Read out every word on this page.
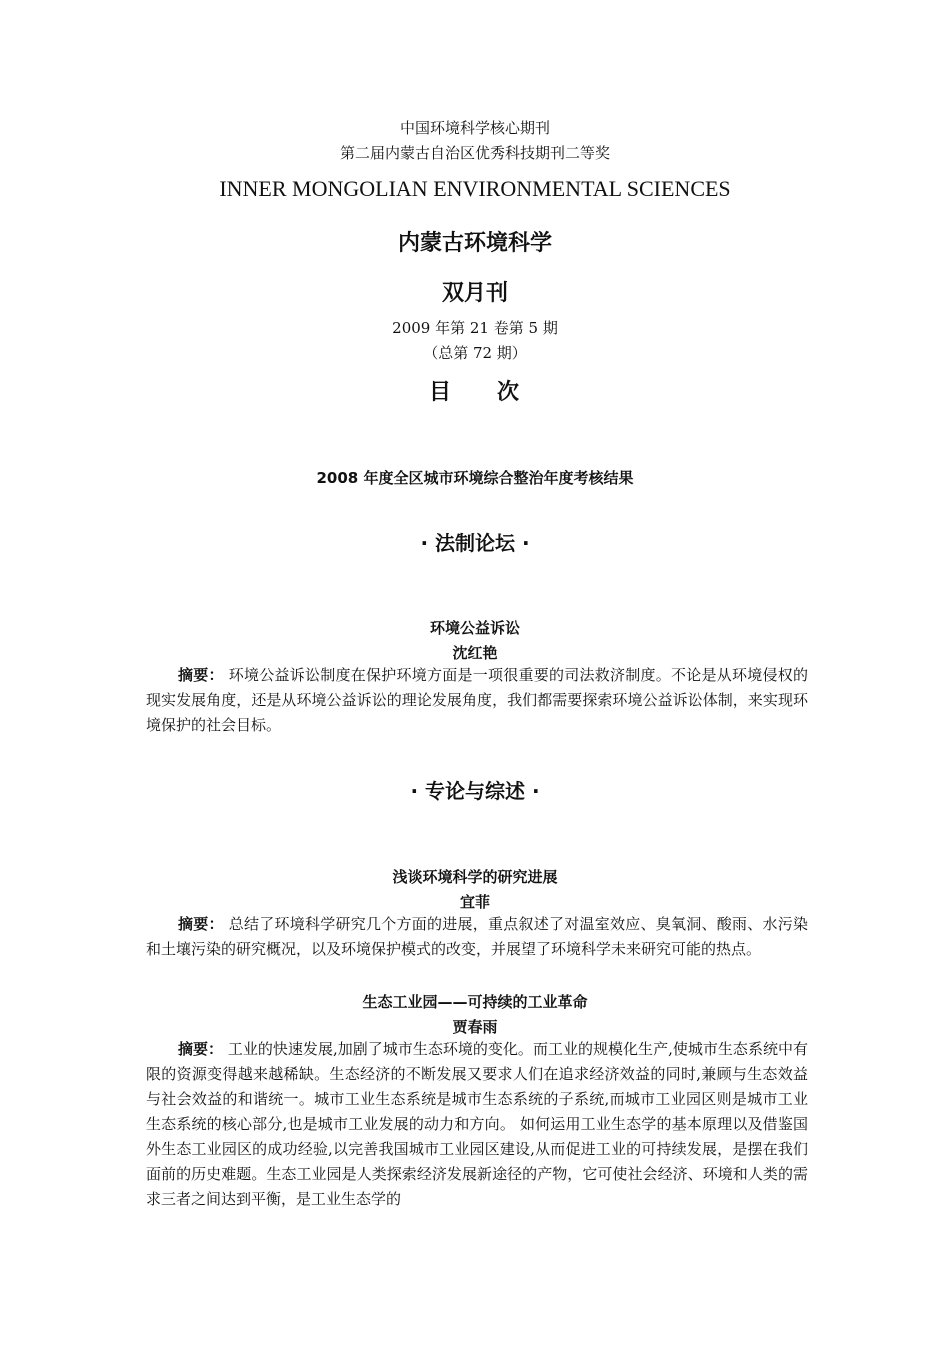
中国环境科学核心期刊
第二届内蒙古自治区优秀科技期刊二等奖
INNER MONGOLIAN ENVIRONMENTAL SCIENCES
内蒙古环境科学
双月刊
2009 年第 21 卷第 5 期
（总第 72 期）
目 次
2008 年度全区城市环境综合整治年度考核结果
· 法制论坛 ·
环境公益诉讼
沈红艳
摘要： 环境公益诉讼制度在保护环境方面是一项很重要的司法救济制度。不论是从环境侵权的现实发展角度，还是从环境公益诉讼的理论发展角度，我们都需要探索环境公益诉讼体制，来实现环境保护的社会目标。
· 专论与综述 ·
浅谈环境科学的研究进展
宜菲
摘要： 总结了环境科学研究几个方面的进展，重点叙述了对温室效应、臭氧洞、酸雨、水污染和土壤污染的研究概况，以及环境保护模式的改变，并展望了环境科学未来研究可能的热点。
生态工业园——可持续的工业革命
贾春雨
摘要： 工业的快速发展,加剧了城市生态环境的变化。而工业的规模化生产,使城市生态系统中有限的资源变得越来越稀缺。生态经济的不断发展又要求人们在追求经济效益的同时,兼顾与生态效益与社会效益的和谐统一。城市工业生态系统是城市生态系统的子系统,而城市工业园区则是城市工业生态系统的核心部分,也是城市工业发展的动力和方向。 如何运用工业生态学的基本原理以及借鉴国外生态工业园区的成功经验,以完善我国城市工业园区建设,从而促进工业的可持续发展，是摆在我们面前的历史难题。生态工业园是人类探索经济发展新途径的产物，它可使社会经济、环境和人类的需求三者之间达到平衡，是工业生态学的
